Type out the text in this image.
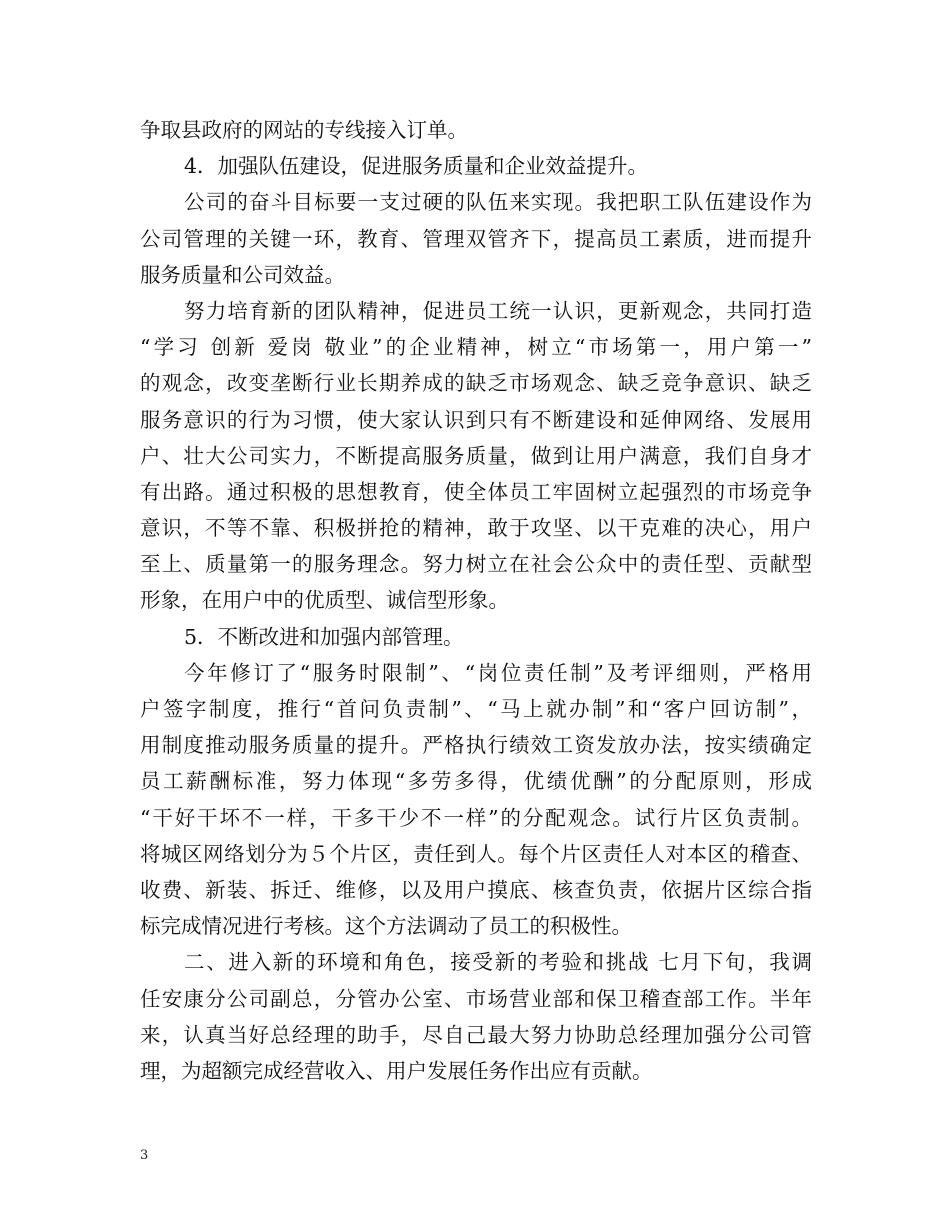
争取县政府的网站的专线接入订单。
4．加强队伍建设，促进服务质量和企业效益提升。
公司的奋斗目标要一支过硬的队伍来实现。我把职工队伍建设作为
公司管理的关键一环，教育、管理双管齐下，提高员工素质，进而提升
服务质量和公司效益。
努力培育新的团队精神，促进员工统一认识，更新观念，共同打造
“学习 创新 爱岗 敬业”的企业精神，树立“市场第一，用户第一”
的观念，改变垄断行业长期养成的缺乏市场观念、缺乏竞争意识、缺乏
服务意识的行为习惯，使大家认识到只有不断建设和延伸网络、发展用
户、壮大公司实力，不断提高服务质量，做到让用户满意，我们自身才
有出路。通过积极的思想教育，使全体员工牢固树立起强烈的市场竞争
意识，不等不靠、积极拼抢的精神，敢于攻坚、以干克难的决心，用户
至上、质量第一的服务理念。努力树立在社会公众中的责任型、贡献型
形象，在用户中的优质型、诚信型形象。
5．不断改进和加强内部管理。
今年修订了“服务时限制”、“岗位责任制”及考评细则，严格用
户签字制度，推行“首问负责制”、“马上就办制”和“客户回访制”，
用制度推动服务质量的提升。严格执行绩效工资发放办法，按实绩确定
员工薪酬标准，努力体现“多劳多得，优绩优酬”的分配原则，形成
“干好干坏不一样，干多干少不一样”的分配观念。试行片区负责制。
将城区网络划分为５个片区，责任到人。每个片区责任人对本区的稽查、
收费、新装、拆迁、维修，以及用户摸底、核查负责，依据片区综合指
标完成情况进行考核。这个方法调动了员工的积极性。
二、进入新的环境和角色，接受新的考验和挑战 七月下旬，我调
任安康分公司副总，分管办公室、市场营业部和保卫稽查部工作。半年
来，认真当好总经理的助手，尽自己最大努力协助总经理加强分公司管
理，为超额完成经营收入、用户发展任务作出应有贡献。
3
